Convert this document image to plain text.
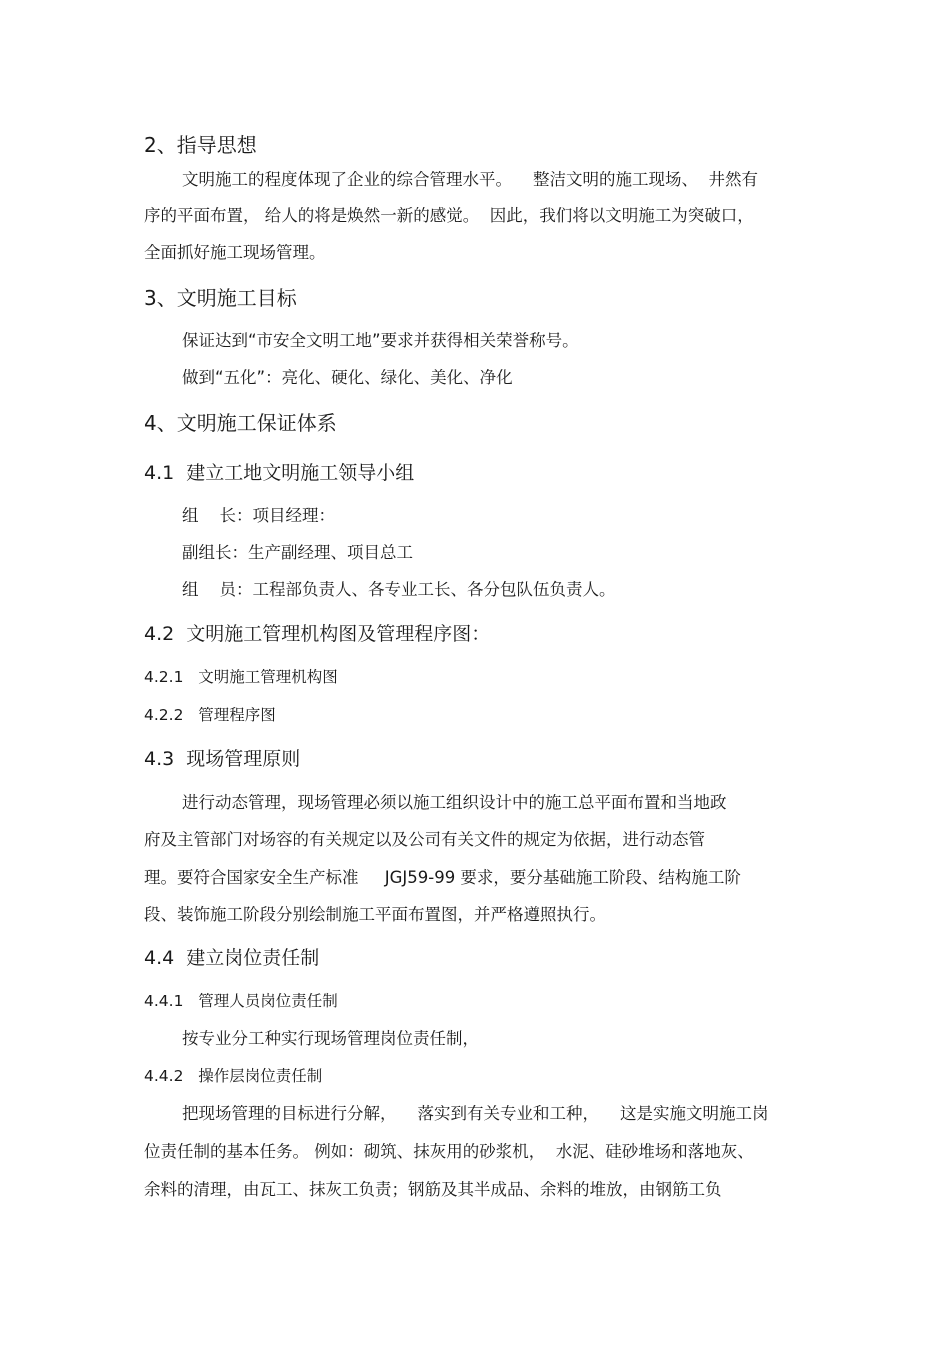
2、指导思想
文明施工的程度体现了企业的综合管理水平。    整洁文明的施工现场、  井然有
序的平面布置， 给人的将是焕然一新的感觉。  因此，我们将以文明施工为突破口，
全面抓好施工现场管理。
3、文明施工目标
保证达到“市安全文明工地”要求并获得相关荣誉称号。
做到“五化”：亮化、硬化、绿化、美化、净化
4、文明施工保证体系
4.1  建立工地文明施工领导小组
组    长：项目经理：
副组长：生产副经理、项目总工
组    员：工程部负责人、各专业工长、各分包队伍负责人。
4.2  文明施工管理机构图及管理程序图：
4.2.1   文明施工管理机构图
4.2.2   管理程序图
4.3  现场管理原则
进行动态管理，现场管理必须以施工组织设计中的施工总平面布置和当地政
府及主管部门对场容的有关规定以及公司有关文件的规定为依据，进行动态管
理。要符合国家安全生产标准     JGJ59-99 要求，要分基础施工阶段、结构施工阶
段、装饰施工阶段分别绘制施工平面布置图，并严格遵照执行。
4.4  建立岗位责任制
4.4.1   管理人员岗位责任制
按专业分工种实行现场管理岗位责任制，
4.4.2   操作层岗位责任制
把现场管理的目标进行分解，    落实到有关专业和工种，    这是实施文明施工岗
位责任制的基本任务。 例如：砌筑、抹灰用的砂浆机，  水泥、硅砂堆场和落地灰、
余料的清理，由瓦工、抹灰工负责；钢筋及其半成品、余料的堆放，由钢筋工负
